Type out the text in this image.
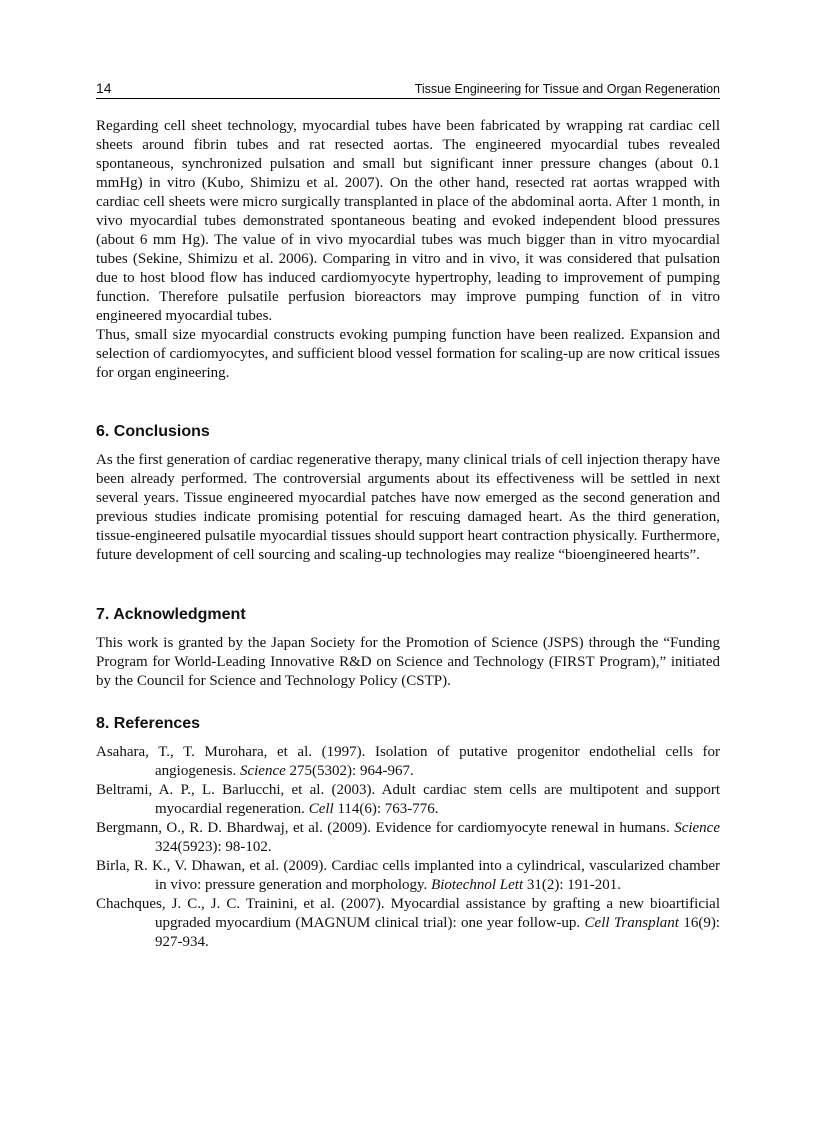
14	Tissue Engineering for Tissue and Organ Regeneration

Regarding cell sheet technology, myocardial tubes have been fabricated by wrapping rat cardiac cell sheets around fibrin tubes and rat resected aortas. The engineered myocardial tubes revealed spontaneous, synchronized pulsation and small but significant inner pressure changes (about 0.1 mmHg) in vitro (Kubo, Shimizu et al. 2007). On the other hand, resected rat aortas wrapped with cardiac cell sheets were micro surgically transplanted in place of the abdominal aorta. After 1 month, in vivo myocardial tubes demonstrated spontaneous beating and evoked independent blood pressures (about 6 mm Hg). The value of in vivo myocardial tubes was much bigger than in vitro myocardial tubes (Sekine, Shimizu et al. 2006). Comparing in vitro and in vivo, it was considered that pulsation due to host blood flow has induced cardiomyocyte hypertrophy, leading to improvement of pumping function. Therefore pulsatile perfusion bioreactors may improve pumping function of in vitro engineered myocardial tubes.

Thus, small size myocardial constructs evoking pumping function have been realized. Expansion and selection of cardiomyocytes, and sufficient blood vessel formation for scaling-up are now critical issues for organ engineering.

6. Conclusions

As the first generation of cardiac regenerative therapy, many clinical trials of cell injection therapy have been already performed. The controversial arguments about its effectiveness will be settled in next several years. Tissue engineered myocardial patches have now emerged as the second generation and previous studies indicate promising potential for rescuing damaged heart. As the third generation, tissue-engineered pulsatile myocardial tissues should support heart contraction physically. Furthermore, future development of cell sourcing and scaling-up technologies may realize “bioengineered hearts”.

7. Acknowledgment

This work is granted by the Japan Society for the Promotion of Science (JSPS) through the “Funding Program for World-Leading Innovative R&D on Science and Technology (FIRST Program),” initiated by the Council for Science and Technology Policy (CSTP).

8. References

Asahara, T., T. Murohara, et al. (1997). Isolation of putative progenitor endothelial cells for angiogenesis. Science 275(5302): 964-967.

Beltrami, A. P., L. Barlucchi, et al. (2003). Adult cardiac stem cells are multipotent and support myocardial regeneration. Cell 114(6): 763-776.

Bergmann, O., R. D. Bhardwaj, et al. (2009). Evidence for cardiomyocyte renewal in humans. Science 324(5923): 98-102.

Birla, R. K., V. Dhawan, et al. (2009). Cardiac cells implanted into a cylindrical, vascularized chamber in vivo: pressure generation and morphology. Biotechnol Lett 31(2): 191-201.

Chachques, J. C., J. C. Trainini, et al. (2007). Myocardial assistance by grafting a new bioartificial upgraded myocardium (MAGNUM clinical trial): one year follow-up. Cell Transplant 16(9): 927-934.
